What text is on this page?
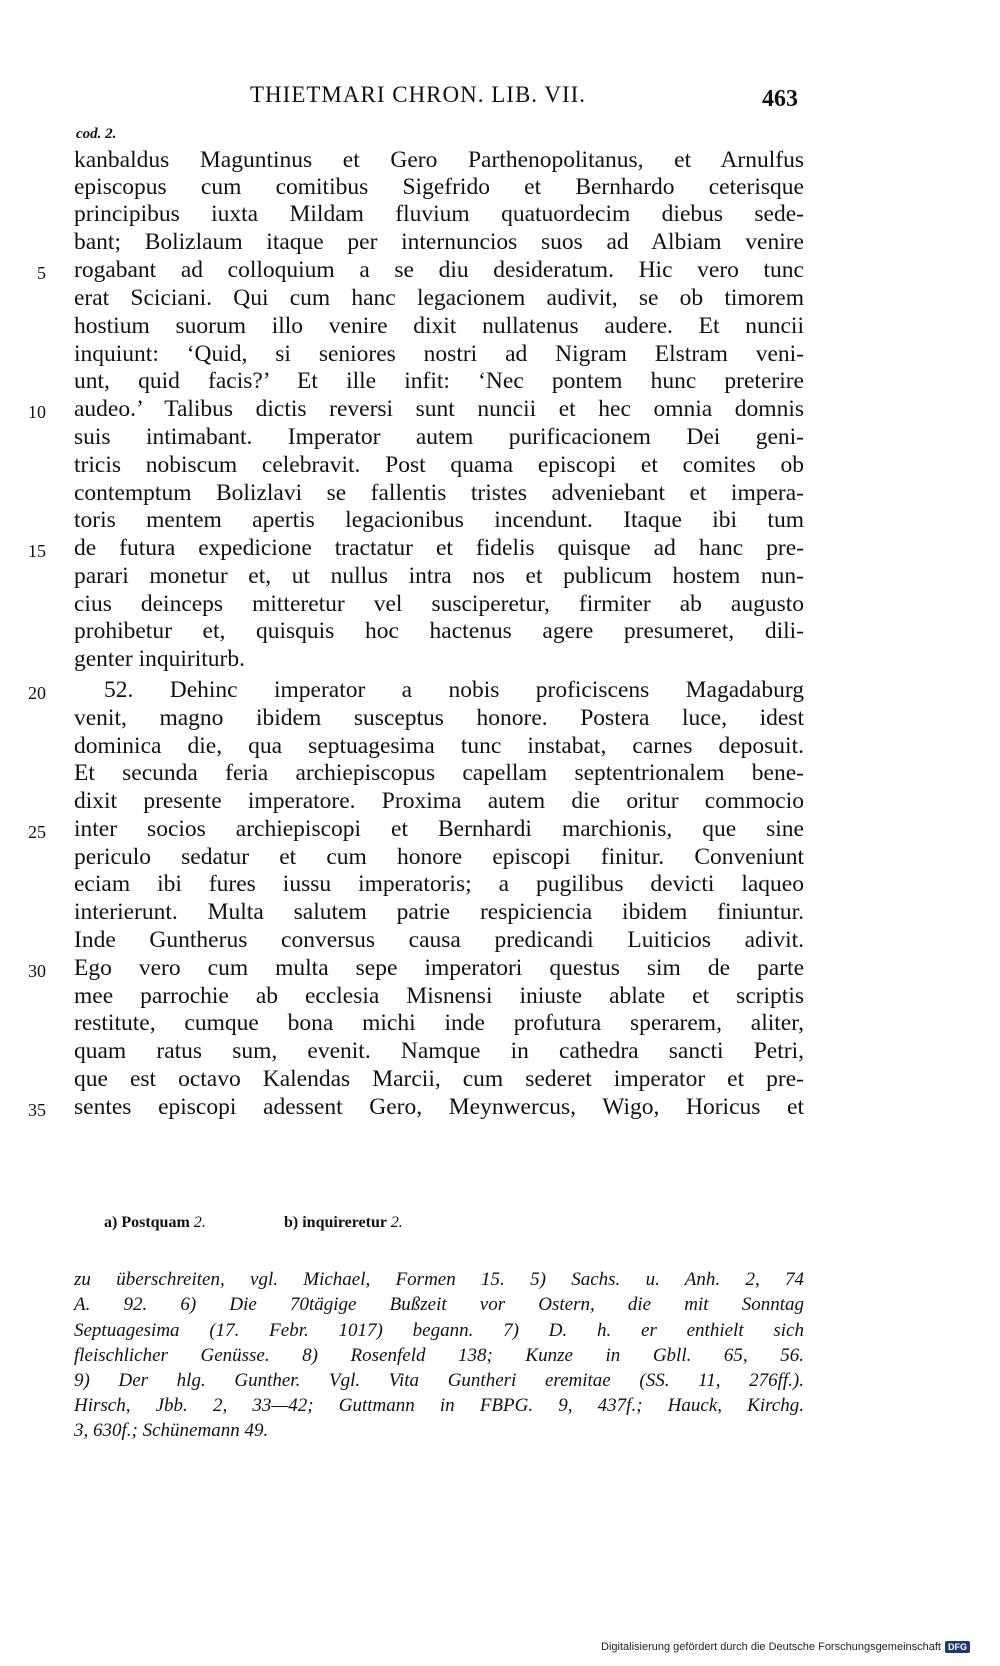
THIETMARI CHRON. LIB. VII.	463
cod. 2.
kanbaldus Maguntinus et Gero Parthenopolitanus, et Arnulfus
episcopus cum comitibus Sigefrido et Bernhardo ceterisque
principibus iuxta Mildam fluvium quatuordecim diebus sede-
bant; Bolizlaum itaque per internuncios suos ad Albiam venire
rogabant ad colloquium a se diu desideratum. Hic vero tunc
erat Sciciani. Qui cum hanc legacionem audivit, se ob timorem
hostium suorum illo venire dixit nullatenus audere. Et nuncii
inquiunt: ‘Quid, si seniores nostri ad Nigram Elstram veni-
unt, quid facis?’ Et ille infit: ‘Nec pontem hunc preterire
audeo.’ Talibus dictis reversi sunt nuncii et hec omnia domnis
suis intimabant. Imperator autem purificacionem Dei geni-
tricis nobiscum celebravit. Post quama episcopi et comites ob
contemptum Bolizlavi se fallentis tristes adveniebant et impera-
toris mentem apertis legacionibus incendunt. Itaque ibi tum
de futura expedicione tractatur et fidelis quisque ad hanc pre-
parari monetur et, ut nullus intra nos et publicum hostem nun-
cius deinceps mitteretur vel susciperetur, firmiter ab augusto
prohibetur et, quisquis hoc hactenus agere presumeret, dili-
genter inquiriturb.
52. Dehinc imperator a nobis proficiscens Magadaburg
venit, magno ibidem susceptus honore. Postera luce, idest
dominica die, qua septuagesima tunc instabat, carnes deposuit.
Et secunda feria archiepiscopus capellam septentrionalem bene-
dixit presente imperatore. Proxima autem die oritur commocio
inter socios archiepiscopi et Bernhardi marchionis, que sine
periculo sedatur et cum honore episcopi finitur. Conveniunt
eciam ibi fures iussu imperatoris; a pugilibus devicti laqueo
interierunt. Multa salutem patrie respiciencia ibidem finiuntur.
Inde Guntherus conversus causa predicandi Luiticios adivit.
Ego vero cum multa sepe imperatori questus sim de parte
mee parrochie ab ecclesia Misnensi iniuste ablate et scriptis
restitute, cumque bona michi inde profutura sperarem, aliter,
quam ratus sum, evenit. Namque in cathedra sancti Petri,
que est octavo Kalendas Marcii, cum sederet imperator et pre-
sentes episcopi adessent Gero, Meynwercus, Wigo, Horicus et
5
10
15
20
25
30
35
a) Postquam 2.	b) inquireretur 2.
zu überschreiten, vgl. Michael, Formen 15. 5) Sachs. u. Anh. 2, 74
A. 92. 6) Die 70tägige Bußzeit vor Ostern, die mit Sonntag
Septuagesima (17. Febr. 1017) begann. 7) D. h. er enthielt sich
fleischlicher Genüsse. 8) Rosenfeld 138; Kunze in Gbll. 65, 56.
9) Der hlg. Gunther. Vgl. Vita Guntheri eremitae (SS. 11, 276ff.).
Hirsch, Jbb. 2, 33—42; Guttmann in FBPG. 9, 437f.; Hauck, Kirchg.
3, 630f.; Schünemann 49.
Digitalisierung gefördert durch die Deutsche Forschungsgemeinschaft DFG
